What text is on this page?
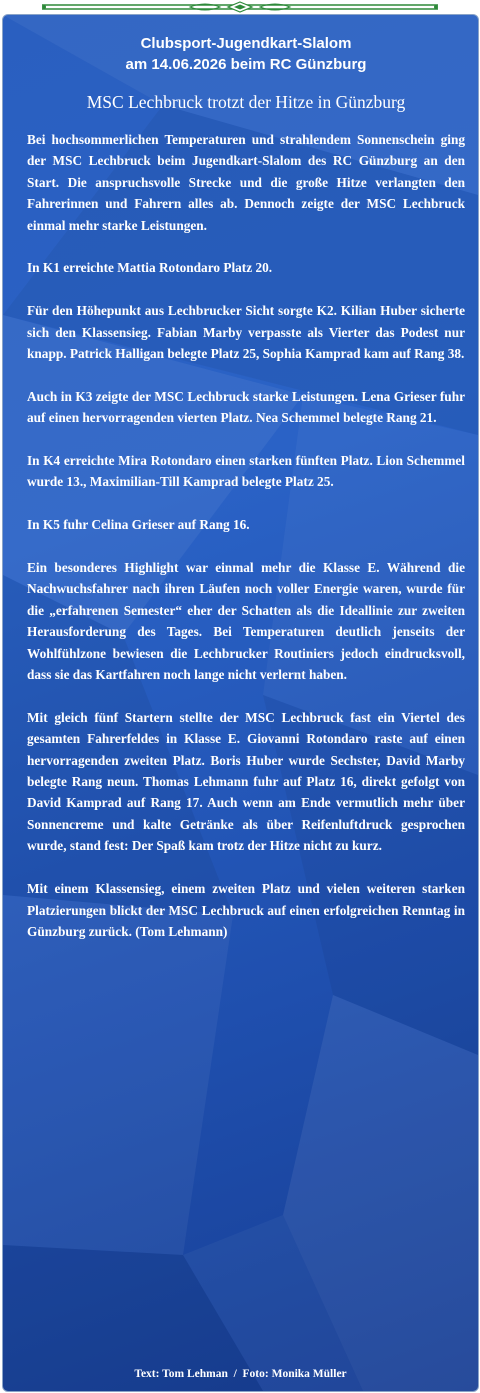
Clubsport-Jugendkart-Slalom
am 14.06.2026 beim RC Günzburg

MSC Lechbruck trotzt der Hitze in Günzburg

Bei hochsommerlichen Temperaturen und strahlendem Sonnenschein ging der MSC Lechbruck beim Jugendkart-Slalom des RC Günzburg an den Start. Die anspruchsvolle Strecke und die große Hitze verlangten den Fahrerinnen und Fahrern alles ab. Dennoch zeigte der MSC Lechbruck einmal mehr starke Leistungen.

In K1 erreichte Mattia Rotondaro Platz 20.

Für den Höhepunkt aus Lechbrucker Sicht sorgte K2. Kilian Huber sicherte sich den Klassensieg. Fabian Marby verpasste als Vierter das Podest nur knapp. Patrick Halligan belegte Platz 25, Sophia Kamprad kam auf Rang 38.

Auch in K3 zeigte der MSC Lechbruck starke Leistungen. Lena Grieser fuhr auf einen hervorragenden vierten Platz. Nea Schemmel belegte Rang 21.

In K4 erreichte Mira Rotondaro einen starken fünften Platz. Lion Schemmel wurde 13., Maximilian-Till Kamprad belegte Platz 25.

In K5 fuhr Celina Grieser auf Rang 16.

Ein besonderes Highlight war einmal mehr die Klasse E. Während die Nachwuchsfahrer nach ihren Läufen noch voller Energie waren, wurde für die „erfahrenen Semester“ eher der Schatten als die Ideallinie zur zweiten Herausforderung des Tages. Bei Temperaturen deutlich jenseits der Wohlfühlzone bewiesen die Lechbrucker Routiniers jedoch eindrucksvoll, dass sie das Kartfahren noch lange nicht verlernt haben.

Mit gleich fünf Startern stellte der MSC Lechbruck fast ein Viertel des gesamten Fahrerfeldes in Klasse E. Giovanni Rotondaro raste auf einen hervorragenden zweiten Platz. Boris Huber wurde Sechster, David Marby belegte Rang neun. Thomas Lehmann fuhr auf Platz 16, direkt gefolgt von David Kamprad auf Rang 17. Auch wenn am Ende vermutlich mehr über Sonnencreme und kalte Getränke als über Reifenluftdruck gesprochen wurde, stand fest: Der Spaß kam trotz der Hitze nicht zu kurz.

Mit einem Klassensieg, einem zweiten Platz und vielen weiteren starken Platzierungen blickt der MSC Lechbruck auf einen erfolgreichen Renntag in Günzburg zurück. (Tom Lehmann)

Text: Tom Lehman  /  Foto: Monika Müller
